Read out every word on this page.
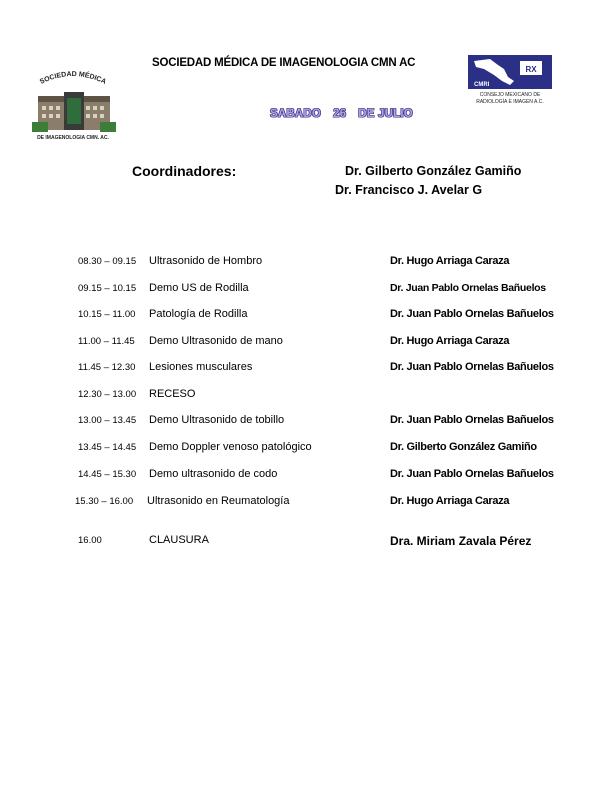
SOCIEDAD MÉDICA
DE IMAGENOLOGIA CMN. AC.
SOCIEDAD MÉDICA DE IMAGENOLOGIA CMN AC
RX
CMRI
CONSEJO MEXICANO DE
RADIOLOGÍA E IMAGEN A.C.
SABADO 26 DE JULIO
Coordinadores:	Dr. Gilberto González Gamiño
Dr. Francisco J. Avelar G
08.30 – 09.15 Ultrasonido de Hombro	Dr. Hugo Arriaga Caraza
09.15 – 10.15 Demo US de Rodilla	Dr. Juan Pablo Ornelas Bañuelos
10.15 – 11.00 Patología de Rodilla	Dr. Juan Pablo Ornelas Bañuelos
11.00 – 11.45 Demo Ultrasonido de mano	Dr. Hugo Arriaga Caraza
11.45 – 12.30 Lesiones musculares	Dr. Juan Pablo Ornelas Bañuelos
12.30 – 13.00 RECESO
13.00 – 13.45 Demo Ultrasonido de tobillo	Dr. Juan Pablo Ornelas Bañuelos
13.45 – 14.45 Demo Doppler venoso patológico	Dr. Gilberto González Gamiño
14.45 – 15.30 Demo ultrasonido de codo	Dr. Juan Pablo Ornelas Bañuelos
15.30 – 16.00 Ultrasonido en Reumatología	Dr. Hugo Arriaga Caraza
16.00	CLAUSURA	Dra. Miriam Zavala Pérez
